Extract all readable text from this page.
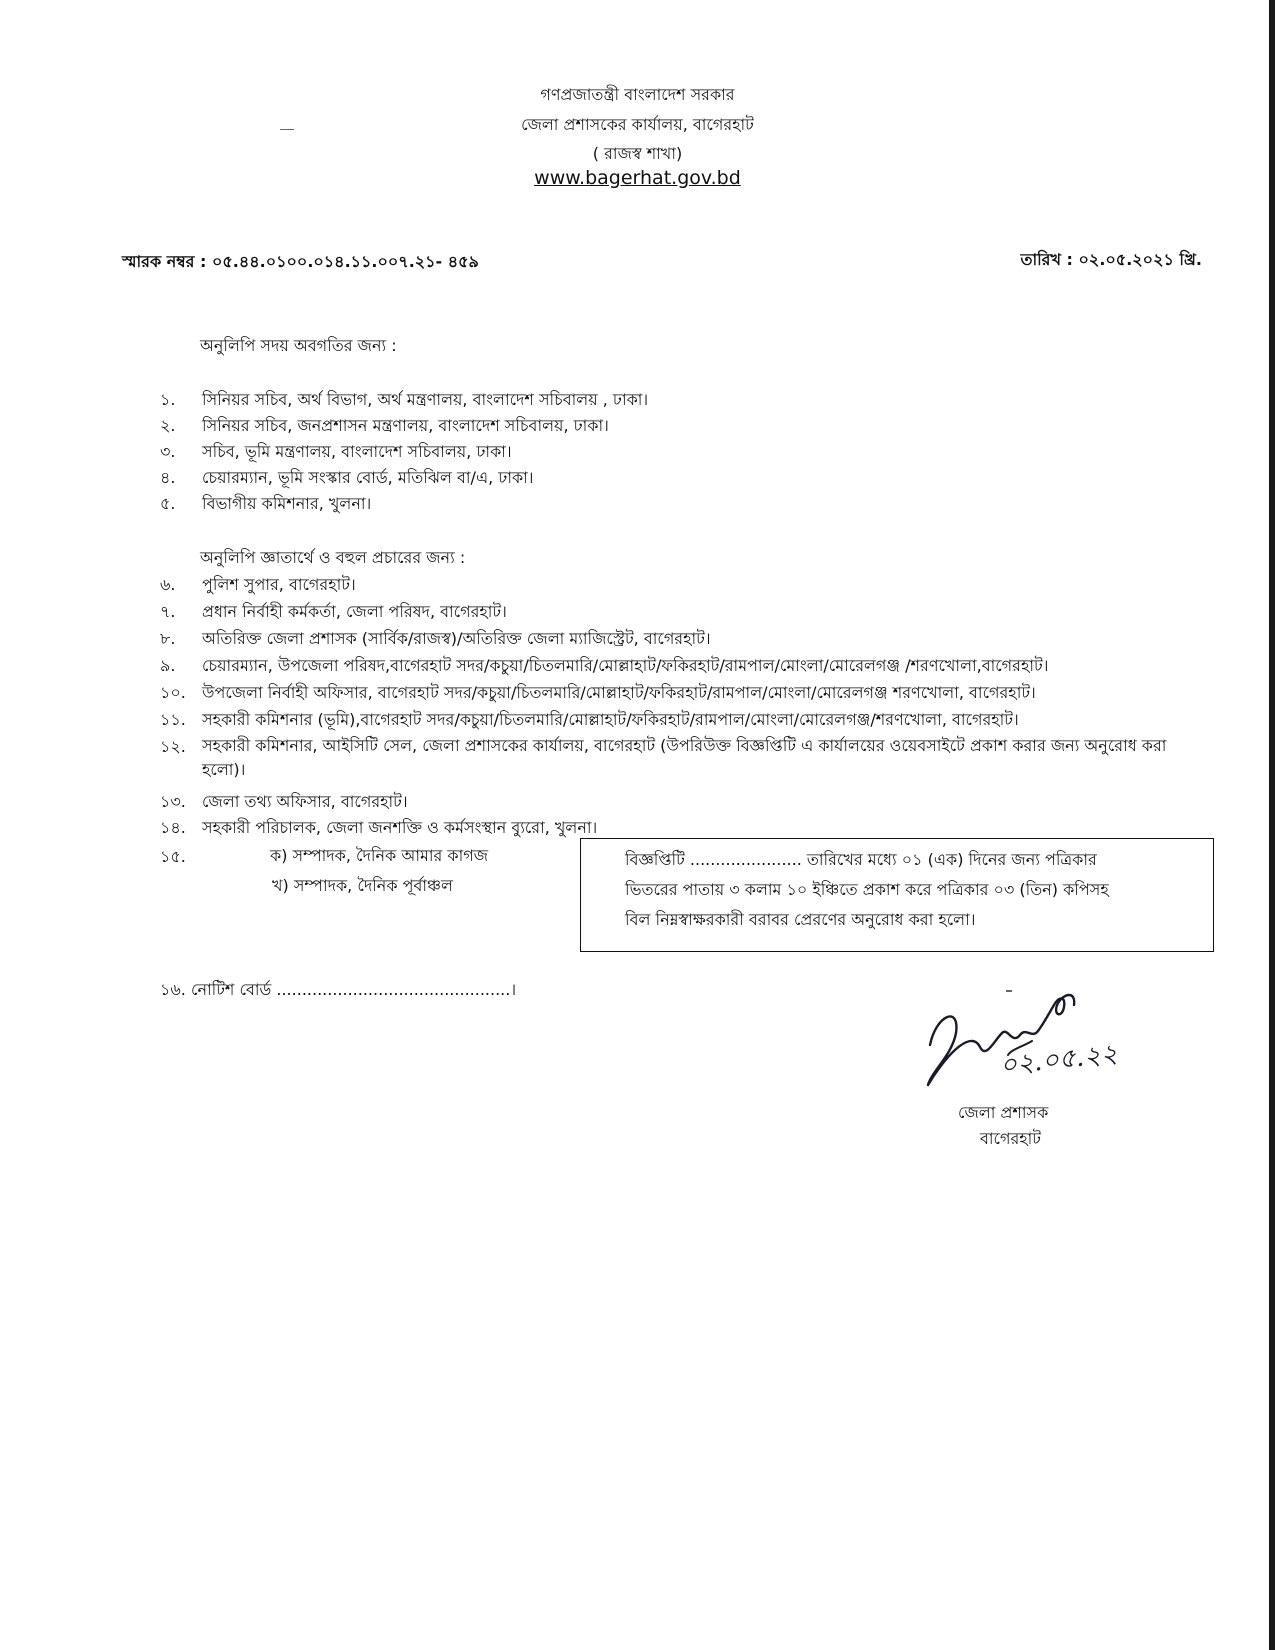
গণপ্রজাতন্ত্রী বাংলাদেশ সরকার
জেলা প্রশাসকের কার্যালয়, বাগেরহাট
( রাজস্ব শাখা)
www.bagerhat.gov.bd
স্মারক নম্বর : ০৫.৪৪.০১০০.০১৪.১১.০০৭.২১- ৪৫৯	তারিখ : ০২.০৫.২০২১ খ্রি.
অনুলিপি সদয় অবগতির জন্য :
১. সিনিয়র সচিব, অর্থ বিভাগ, অর্থ মন্ত্রণালয়, বাংলাদেশ সচিবালয় , ঢাকা।
২. সিনিয়র সচিব, জনপ্রশাসন মন্ত্রণালয়, বাংলাদেশ সচিবালয়, ঢাকা।
৩. সচিব, ভূমি মন্ত্রণালয়, বাংলাদেশ সচিবালয়, ঢাকা।
৪. চেয়ারম্যান, ভূমি সংস্কার বোর্ড, মতিঝিল বা/এ, ঢাকা।
৫. বিভাগীয় কমিশনার, খুলনা।
অনুলিপি জ্ঞাতার্থে ও বহুল প্রচারের জন্য :
৬. পুলিশ সুপার, বাগেরহাট।
৭. প্রধান নির্বাহী কর্মকর্তা, জেলা পরিষদ, বাগেরহাট।
৮. অতিরিক্ত জেলা প্রশাসক (সার্বিক/রাজস্ব)/অতিরিক্ত জেলা ম্যাজিস্ট্রেট, বাগেরহাট।
৯. চেয়ারম্যান, উপজেলা পরিষদ,বাগেরহাট সদর/কচুয়া/চিতলমারি/মোল্লাহাট/ফকিরহাট/রামপাল/মোংলা/মোরেলগঞ্জ /শরণখোলা,বাগেরহাট।
১০. উপজেলা নির্বাহী অফিসার, বাগেরহাট সদর/কচুয়া/চিতলমারি/মোল্লাহাট/ফকিরহাট/রামপাল/মোংলা/মোরেলগঞ্জ শরণখোলা, বাগেরহাট।
১১. সহকারী কমিশনার (ভূমি),বাগেরহাট সদর/কচুয়া/চিতলমারি/মোল্লাহাট/ফকিরহাট/রামপাল/মোংলা/মোরেলগঞ্জ/শরণখোলা, বাগেরহাট।
১২. সহকারী কমিশনার, আইসিটি সেল, জেলা প্রশাসকের কার্যালয়, বাগেরহাট (উপরিউক্ত বিজ্ঞপ্তিটি এ কার্যালয়ের ওয়েবসাইটে প্রকাশ করার জন্য অনুরোধ করা হলো)।
১৩. জেলা তথ্য অফিসার, বাগেরহাট।
১৪. সহকারী পরিচালক, জেলা জনশক্তি ও কর্মসংস্থান ব্যুরো, খুলনা।
১৫.	ক) সম্পাদক, দৈনিক আমার কাগজ
খ) সম্পাদক, দৈনিক পূর্বাঞ্চল
বিজ্ঞপ্তিটি ...................... তারিখের মধ্যে ০১ (এক) দিনের জন্য পত্রিকার
ভিতরের পাতায় ৩ কলাম ১০ ইঞ্চিতে প্রকাশ করে পত্রিকার ০৩ (তিন) কপিসহ
বিল নিম্নস্বাক্ষরকারী বরাবর প্রেরণের অনুরোধ করা হলো।
১৬. নোটিশ বোর্ড ..............................................।
০২.০৫.২২
জেলা প্রশাসক
বাগেরহাট
